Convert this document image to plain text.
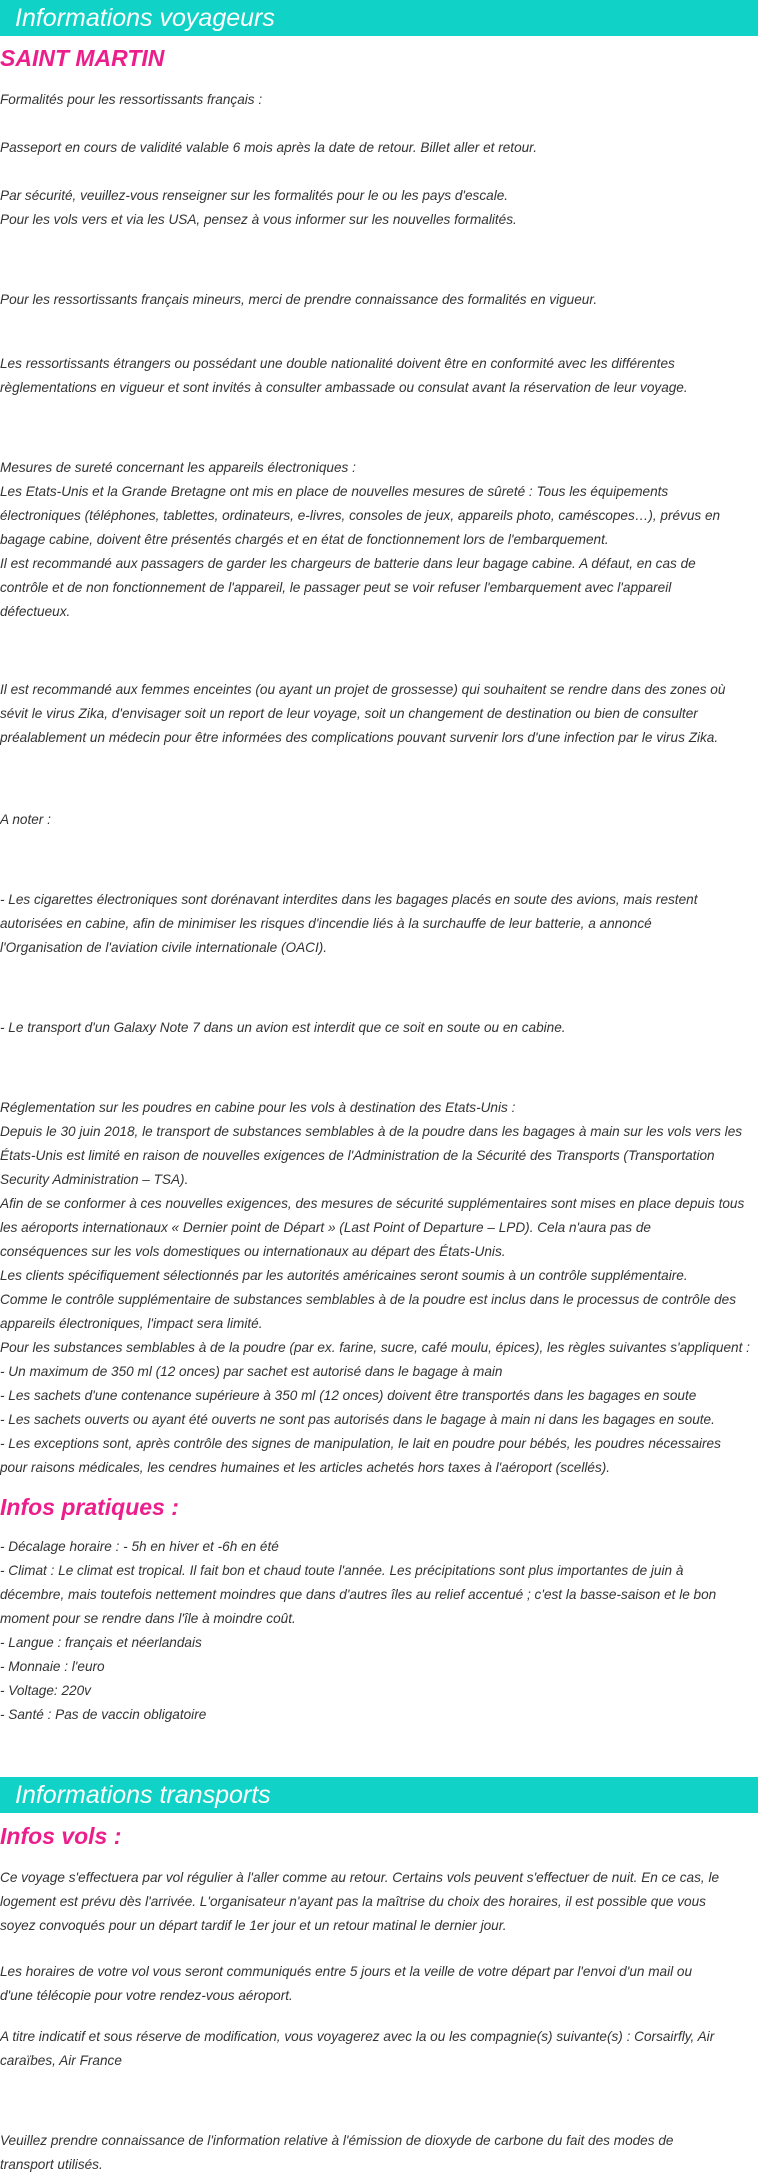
Informations voyageurs
SAINT MARTIN

Formalités pour les ressortissants français :

Passeport en cours de validité valable 6 mois après la date de retour. Billet aller et retour.

Par sécurité, veuillez-vous renseigner sur les formalités pour le ou les pays d'escale.
Pour les vols vers et via les USA, pensez à vous informer sur les nouvelles formalités.

Pour les ressortissants français mineurs, merci de prendre connaissance des formalités en vigueur.

Les ressortissants étrangers ou possédant une double nationalité doivent être en conformité avec les différentes
règlementations en vigueur et sont invités à consulter ambassade ou consulat avant la réservation de leur voyage.

Mesures de sureté concernant les appareils électroniques :
Les Etats-Unis et la Grande Bretagne ont mis en place de nouvelles mesures de sûreté : Tous les équipements
électroniques (téléphones, tablettes, ordinateurs, e-livres, consoles de jeux, appareils photo, caméscopes…), prévus en
bagage cabine, doivent être présentés chargés et en état de fonctionnement lors de l'embarquement.
Il est recommandé aux passagers de garder les chargeurs de batterie dans leur bagage cabine. A défaut, en cas de
contrôle et de non fonctionnement de l'appareil, le passager peut se voir refuser l'embarquement avec l'appareil
défectueux.

Il est recommandé aux femmes enceintes (ou ayant un projet de grossesse) qui souhaitent se rendre dans des zones où
sévit le virus Zika, d'envisager soit un report de leur voyage, soit un changement de destination ou bien de consulter
préalablement un médecin pour être informées des complications pouvant survenir lors d'une infection par le virus Zika.

A noter :

- Les cigarettes électroniques sont dorénavant interdites dans les bagages placés en soute des avions, mais restent
autorisées en cabine, afin de minimiser les risques d'incendie liés à la surchauffe de leur batterie, a annoncé
l'Organisation de l'aviation civile internationale (OACI).

- Le transport d'un Galaxy Note 7 dans un avion est interdit que ce soit en soute ou en cabine.

Réglementation sur les poudres en cabine pour les vols à destination des Etats-Unis :
Depuis le 30 juin 2018, le transport de substances semblables à de la poudre dans les bagages à main sur les vols vers les
États-Unis est limité en raison de nouvelles exigences de l'Administration de la Sécurité des Transports (Transportation
Security Administration – TSA).
Afin de se conformer à ces nouvelles exigences, des mesures de sécurité supplémentaires sont mises en place depuis tous
les aéroports internationaux « Dernier point de Départ » (Last Point of Departure – LPD). Cela n'aura pas de
conséquences sur les vols domestiques ou internationaux au départ des États-Unis.
Les clients spécifiquement sélectionnés par les autorités américaines seront soumis à un contrôle supplémentaire.
Comme le contrôle supplémentaire de substances semblables à de la poudre est inclus dans le processus de contrôle des
appareils électroniques, l'impact sera limité.
Pour les substances semblables à de la poudre (par ex. farine, sucre, café moulu, épices), les règles suivantes s'appliquent :
- Un maximum de 350 ml (12 onces) par sachet est autorisé dans le bagage à main
- Les sachets d'une contenance supérieure à 350 ml (12 onces) doivent être transportés dans les bagages en soute
- Les sachets ouverts ou ayant été ouverts ne sont pas autorisés dans le bagage à main ni dans les bagages en soute.
- Les exceptions sont, après contrôle des signes de manipulation, le lait en poudre pour bébés, les poudres nécessaires
pour raisons médicales, les cendres humaines et les articles achetés hors taxes à l'aéroport (scellés).

Infos pratiques :

- Décalage horaire : - 5h en hiver et -6h en été
- Climat : Le climat est tropical. Il fait bon et chaud toute l'année. Les précipitations sont plus importantes de juin à
décembre, mais toutefois nettement moindres que dans d'autres îles au relief accentué ; c'est la basse-saison et le bon
moment pour se rendre dans l'île à moindre coût.
- Langue : français et néerlandais
- Monnaie : l'euro
- Voltage: 220v
- Santé : Pas de vaccin obligatoire

Informations transports
Infos vols :

Ce voyage s'effectuera par vol régulier à l'aller comme au retour. Certains vols peuvent s'effectuer de nuit. En ce cas, le
logement est prévu dès l'arrivée. L'organisateur n'ayant pas la maîtrise du choix des horaires, il est possible que vous
soyez convoqués pour un départ tardif le 1er jour et un retour matinal le dernier jour.

Les horaires de votre vol vous seront communiqués entre 5 jours et la veille de votre départ par l'envoi d'un mail ou
d'une télécopie pour votre rendez-vous aéroport.

A titre indicatif et sous réserve de modification, vous voyagerez avec la ou les compagnie(s) suivante(s) : Corsairfly, Air
caraïbes, Air France

Veuillez prendre connaissance de l'information relative à l'émission de dioxyde de carbone du fait des modes de
transport utilisés.
